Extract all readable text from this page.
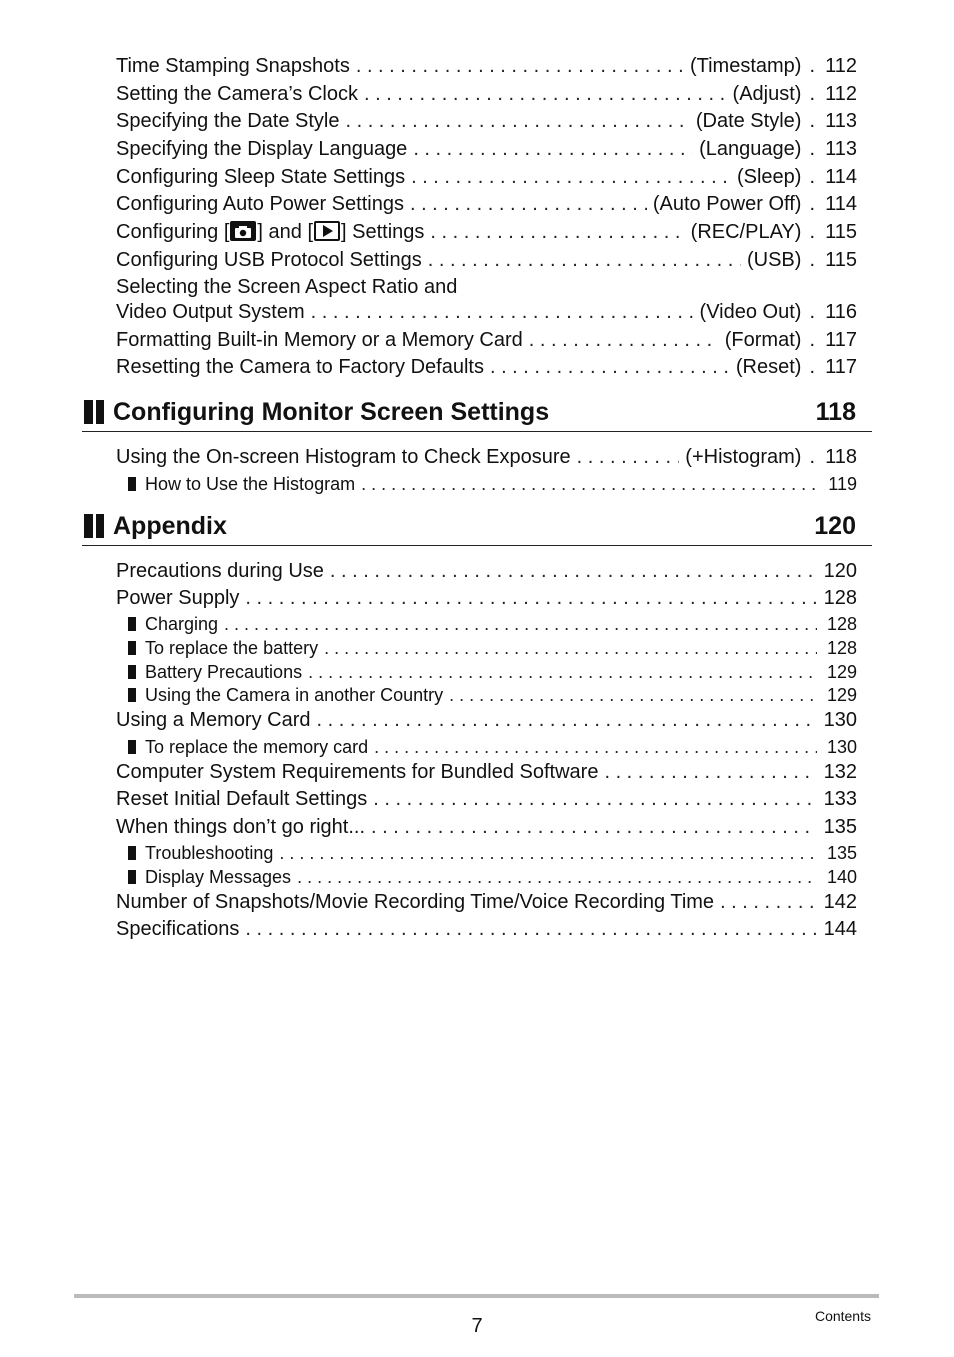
Time Stamping Snapshots . . .	(Timestamp) . 112
Setting the Camera’s Clock . . .	(Adjust) . 112
Specifying the Date Style . . .	(Date Style) . 113
Specifying the Display Language . . .	(Language) . 113
Configuring Sleep State Settings . . .	(Sleep) . 114
Configuring Auto Power Settings . . .	(Auto Power Off) . 114
Configuring [ ] and [ ] Settings . . .	(REC/PLAY) . 115
Configuring USB Protocol Settings . . .	(USB) . 115
Selecting the Screen Aspect Ratio and
Video Output System . . .	(Video Out) . 116
Formatting Built-in Memory or a Memory Card . . .	(Format) . 117
Resetting the Camera to Factory Defaults . . .	(Reset) . 117
Configuring Monitor Screen Settings	118
Using the On-screen Histogram to Check Exposure . . .	(+Histogram) . 118
How to Use the Histogram . . .	119
Appendix	120
Precautions during Use . . .	120
Power Supply . . .	128
Charging . . .	128
To replace the battery . . .	128
Battery Precautions . . .	129
Using the Camera in another Country . . .	129
Using a Memory Card . . .	130
To replace the memory card . . .	130
Computer System Requirements for Bundled Software . . .	132
Reset Initial Default Settings . . .	133
When things don’t go right... . . .	135
Troubleshooting . . .	135
Display Messages . . .	140
Number of Snapshots/Movie Recording Time/Voice Recording Time . . .	142
Specifications . . .	144
7	Contents
